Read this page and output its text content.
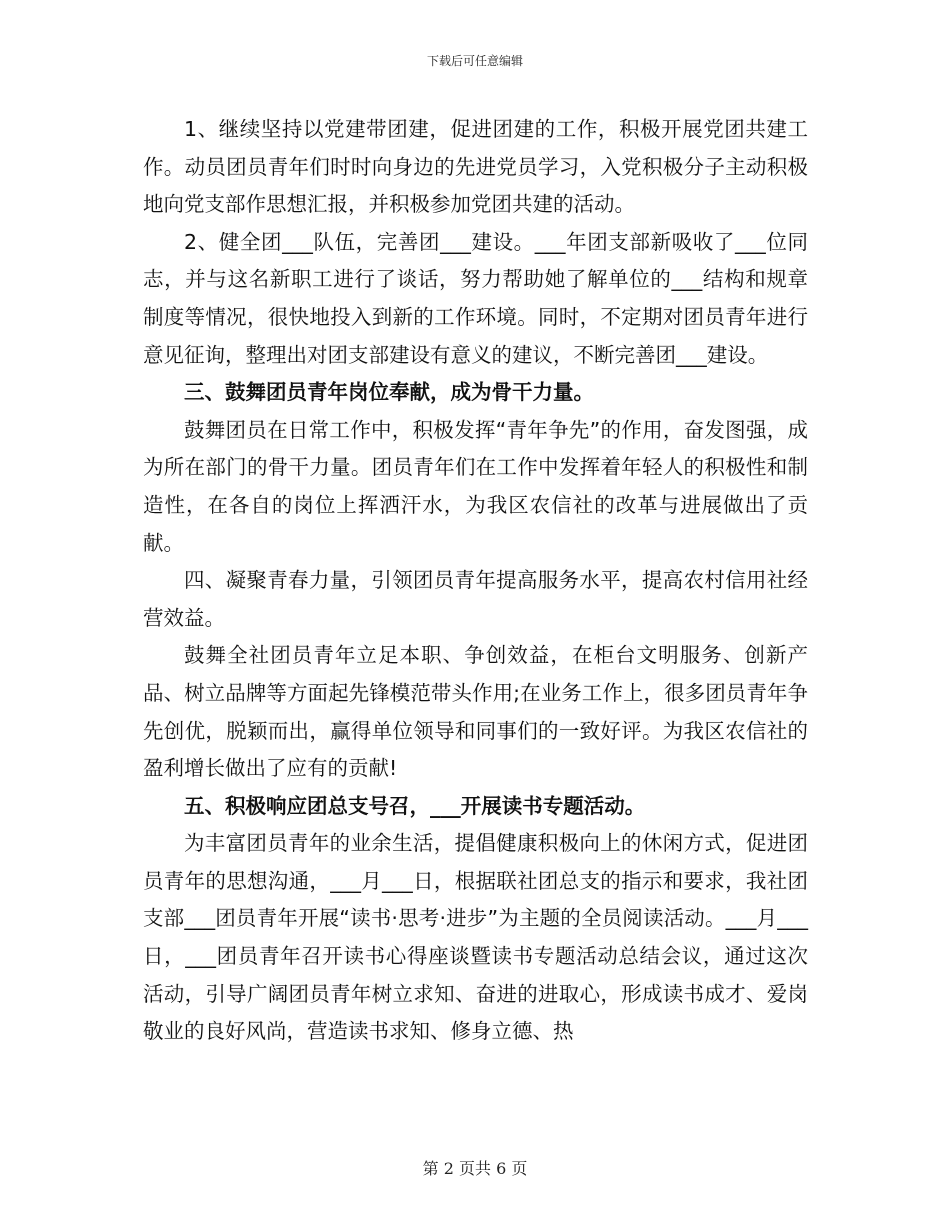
下载后可任意编辑

1、继续坚持以党建带团建，促进团建的工作，积极开展党团共建工作。动员团员青年们时时向身边的先进党员学习，入党积极分子主动积极地向党支部作思想汇报，并积极参加党团共建的活动。

2、健全团___队伍，完善团___建设。___年团支部新吸收了___位同志，并与这名新职工进行了谈话，努力帮助她了解单位的___结构和规章制度等情况，很快地投入到新的工作环境。同时，不定期对团员青年进行意见征询，整理出对团支部建设有意义的建议，不断完善团___建设。

三、鼓舞团员青年岗位奉献，成为骨干力量。

鼓舞团员在日常工作中，积极发挥“青年争先”的作用，奋发图强，成为所在部门的骨干力量。团员青年们在工作中发挥着年轻人的积极性和制造性，在各自的岗位上挥洒汗水，为我区农信社的改革与进展做出了贡献。

四、凝聚青春力量，引领团员青年提高服务水平，提高农村信用社经营效益。

鼓舞全社团员青年立足本职、争创效益，在柜台文明服务、创新产品、树立品牌等方面起先锋模范带头作用;在业务工作上，很多团员青年争先创优，脱颖而出，赢得单位领导和同事们的一致好评。为我区农信社的盈利增长做出了应有的贡献!

五、积极响应团总支号召，___开展读书专题活动。

为丰富团员青年的业余生活，提倡健康积极向上的休闲方式，促进团员青年的思想沟通，___月___日，根据联社团总支的指示和要求，我社团支部___团员青年开展“读书·思考·进步”为主题的全员阅读活动。___月___日，___团员青年召开读书心得座谈暨读书专题活动总结会议，通过这次活动，引导广阔团员青年树立求知、奋进的进取心，形成读书成才、爱岗敬业的良好风尚，营造读书求知、修身立德、热

第 2 页共 6 页
